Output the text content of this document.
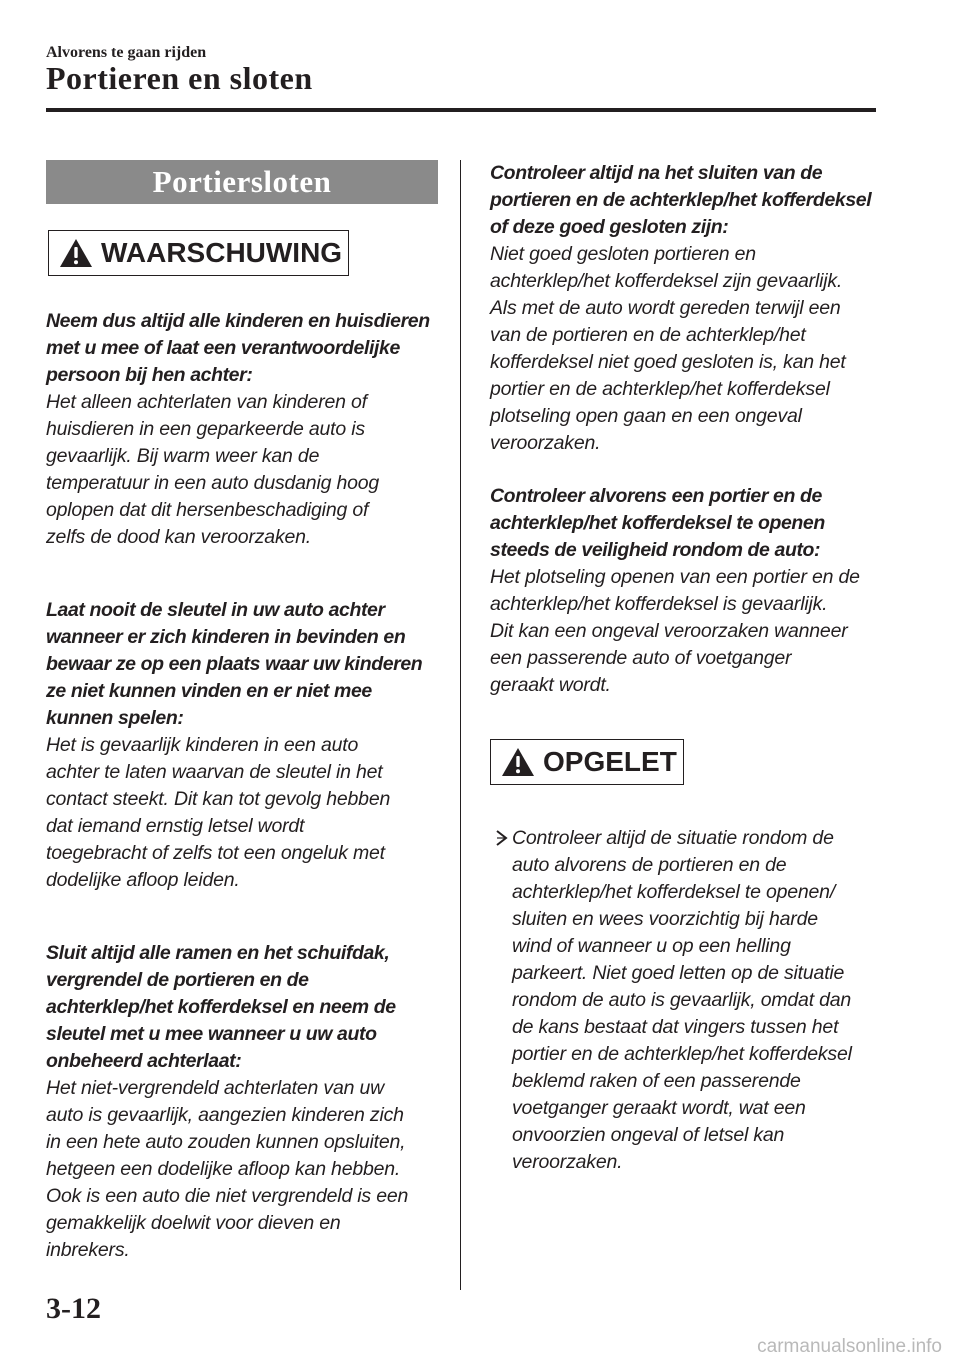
Alvorens te gaan rijden
Portieren en sloten
Portiersloten
WAARSCHUWING
Neem dus altijd alle kinderen en huisdieren
met u mee of laat een verantwoordelijke
persoon bij hen achter:
Het alleen achterlaten van kinderen of
huisdieren in een geparkeerde auto is
gevaarlijk. Bij warm weer kan de
temperatuur in een auto dusdanig hoog
oplopen dat dit hersenbeschadiging of
zelfs de dood kan veroorzaken.
Laat nooit de sleutel in uw auto achter
wanneer er zich kinderen in bevinden en
bewaar ze op een plaats waar uw kinderen
ze niet kunnen vinden en er niet mee
kunnen spelen:
Het is gevaarlijk kinderen in een auto
achter te laten waarvan de sleutel in het
contact steekt. Dit kan tot gevolg hebben
dat iemand ernstig letsel wordt
toegebracht of zelfs tot een ongeluk met
dodelijke afloop leiden.
Sluit altijd alle ramen en het schuifdak,
vergrendel de portieren en de
achterklep/het kofferdeksel en neem de
sleutel met u mee wanneer u uw auto
onbeheerd achterlaat:
Het niet-vergrendeld achterlaten van uw
auto is gevaarlijk, aangezien kinderen zich
in een hete auto zouden kunnen opsluiten,
hetgeen een dodelijke afloop kan hebben.
Ook is een auto die niet vergrendeld is een
gemakkelijk doelwit voor dieven en
inbrekers.
Controleer altijd na het sluiten van de
portieren en de achterklep/het kofferdeksel
of deze goed gesloten zijn:
Niet goed gesloten portieren en
achterklep/het kofferdeksel zijn gevaarlijk.
Als met de auto wordt gereden terwijl een
van de portieren en de achterklep/het
kofferdeksel niet goed gesloten is, kan het
portier en de achterklep/het kofferdeksel
plotseling open gaan en een ongeval
veroorzaken.
Controleer alvorens een portier en de
achterklep/het kofferdeksel te openen
steeds de veiligheid rondom de auto:
Het plotseling openen van een portier en de
achterklep/het kofferdeksel is gevaarlijk.
Dit kan een ongeval veroorzaken wanneer
een passerende auto of voetganger
geraakt wordt.
OPGELET
Controleer altijd de situatie rondom de
auto alvorens de portieren en de
achterklep/het kofferdeksel te openen/
sluiten en wees voorzichtig bij harde
wind of wanneer u op een helling
parkeert. Niet goed letten op de situatie
rondom de auto is gevaarlijk, omdat dan
de kans bestaat dat vingers tussen het
portier en de achterklep/het kofferdeksel
beklemd raken of een passerende
voetganger geraakt wordt, wat een
onvoorzien ongeval of letsel kan
veroorzaken.
3-12
carmanualsonline.info
